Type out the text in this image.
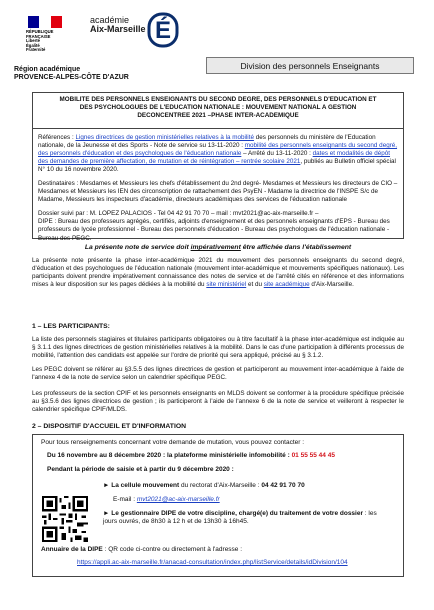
RÉPUBLIQUE
FRANÇAISE
Liberté
Égalité
Fraternité
académie
Aix-Marseille É
Région académique
PROVENCE-ALPES-CÔTE D'AZUR
Division des personnels Enseignants
MOBILITE DES PERSONNELS ENSEIGNANTS DU SECOND DEGRE, DES PERSONNELS D'EDUCATION ET
DES PSYCHOLOGUES DE L'EDUCATION NATIONALE : MOUVEMENT NATIONAL A GESTION
DECONCENTREE 2021 –PHASE INTER-ACADEMIQUE

Références : Lignes directrices de gestion ministérielles relatives à la mobilité des personnels du ministère de l'Education nationale, de la Jeunesse et des Sports - Note de service su 13-11-2020 : mobilité des personnels enseignants du second degré, des personnels d'éducation et des psychologues de l'éducation nationale – Arrêté du 13-11-2020 : dates et modalités de dépôt des demandes de première affectation, de mutation et de réintégration – rentrée scolaire 2021, publiés au Bulletin officiel spécial N° 10 du 16 novembre 2020.

Destinataires : Mesdames et Messieurs les chefs d'établissement du 2nd degré- Mesdames et Messieurs les directeurs de CIO –Mesdames et Messieurs les IEN des circonscription de rattachement des PsyEN - Madame la directrice de l'INSPE S/c de Madame, Messieurs les inspecteurs d'académie, directeurs académiques des services de l'éducation nationale

Dossier suivi par : M. LOPEZ PALACIOS - Tel 04 42 91 70 70 – mail : mvt2021@ac-aix-marseille.fr –

DIPE : Bureau des professeurs agrégés, certifiés, adjoints d'enseignement et des personnels enseignants d'EPS - Bureau des professeurs de lycée professionnel - Bureau des personnels d'éducation - Bureau des psychologues de l'éducation nationale - Bureau des PEGC.

La présente note de service doit impérativement être affichée dans l'établissement
La présente note présente la phase inter-académique 2021 du mouvement des personnels enseignants du second degré, d'éducation et des psychologues de l'éducation nationale (mouvement inter-académique et mouvements spécifiques nationaux). Les participants doivent prendre impérativement connaissance des notes de service et de l'arrêté cités en référence et des informations mises à leur disposition sur les pages dédiées à la mobilité du site ministériel et du site académique d'Aix-Marseille.
1 – LES PARTICIPANTS:

La liste des personnels stagiaires et titulaires participants obligatoires ou à titre facultatif à la phase inter-académique est indiquée au § 3.1.1 des lignes directrices de gestion ministérielles relatives à la mobilité. Dans le cas d'une participation à différents processus de mobilité, l'attention des candidats est appelée sur l'ordre de priorité qui sera appliqué, précisé au § 3.1.2.

Les PEGC doivent se référer au §3.5.5 des lignes directrices de gestion et participeront au mouvement inter-académique à l'aide de l'annexe 4 de la note de service selon un calendrier spécifique PEGC.

Les professeurs de la section CPIF et les personnels enseignants en MLDS doivent se conformer à la procédure spécifique précisée au §3.5.6 des lignes directrices de gestion ; ils participeront à l'aide de l'annexe 6 de la note de service et veilleront à respecter le calendrier spécifique CPIF/MLDS.

2 – DISPOSITIF D'ACCUEIL ET D'INFORMATION
Pour tous renseignements concernant votre demande de mutation, vous pouvez contacter :
Du 16 novembre au 8 décembre 2020 : la plateforme ministérielle infomobilité : 01 55 55 44 45
Pendant la période de saisie et à partir du 9 décembre 2020 :
► La cellule mouvement du rectorat d'Aix-Marseille : 04 42 91 70 70
E-mail : mvt2021@ac-aix-marseille.fr
► Le gestionnaire DIPE de votre discipline, chargé(e) du traitement de votre dossier : les jours ouvrés, de 8h30 à 12 h et de 13h30 à 16h45.
Annuaire de la DIPE : QR code ci-contre ou directement à l'adresse :
https://appli.ac-aix-marseille.fr/anacad-consultation/index.php/listService/details/idDivision/104
